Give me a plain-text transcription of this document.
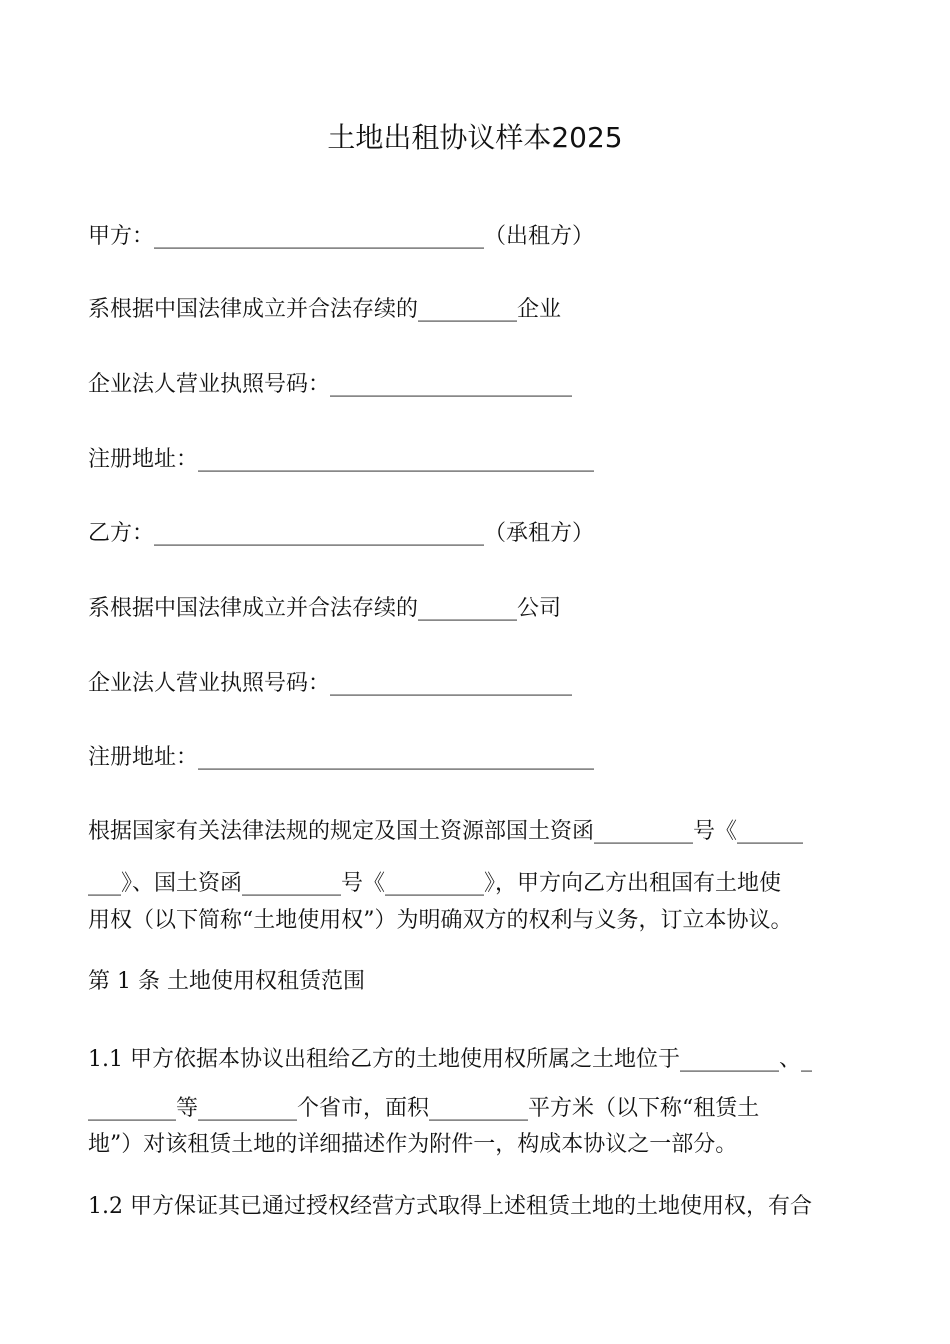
土地出租协议样本2025
甲方：______________________________（出租方）
系根据中国法律成立并合法存续的_________企业
企业法人营业执照号码：______________________
注册地址：____________________________________
乙方：______________________________（承租方）
系根据中国法律成立并合法存续的_________公司
企业法人营业执照号码：______________________
注册地址：____________________________________
根据国家有关法律法规的规定及国土资源部国土资函_________号《______
___》、国土资函_________号《_________》，甲方向乙方出租国有土地使
用权（以下简称“土地使用权”）为明确双方的权利与义务，订立本协议。
第 1 条 土地使用权租赁范围
1.1 甲方依据本协议出租给乙方的土地使用权所属之土地位于_________、_
________等_________个省市，面积_________平方米（以下称“租赁土
地”）对该租赁土地的详细描述作为附件一，构成本协议之一部分。
1.2 甲方保证其已通过授权经营方式取得上述租赁土地的土地使用权，有合
